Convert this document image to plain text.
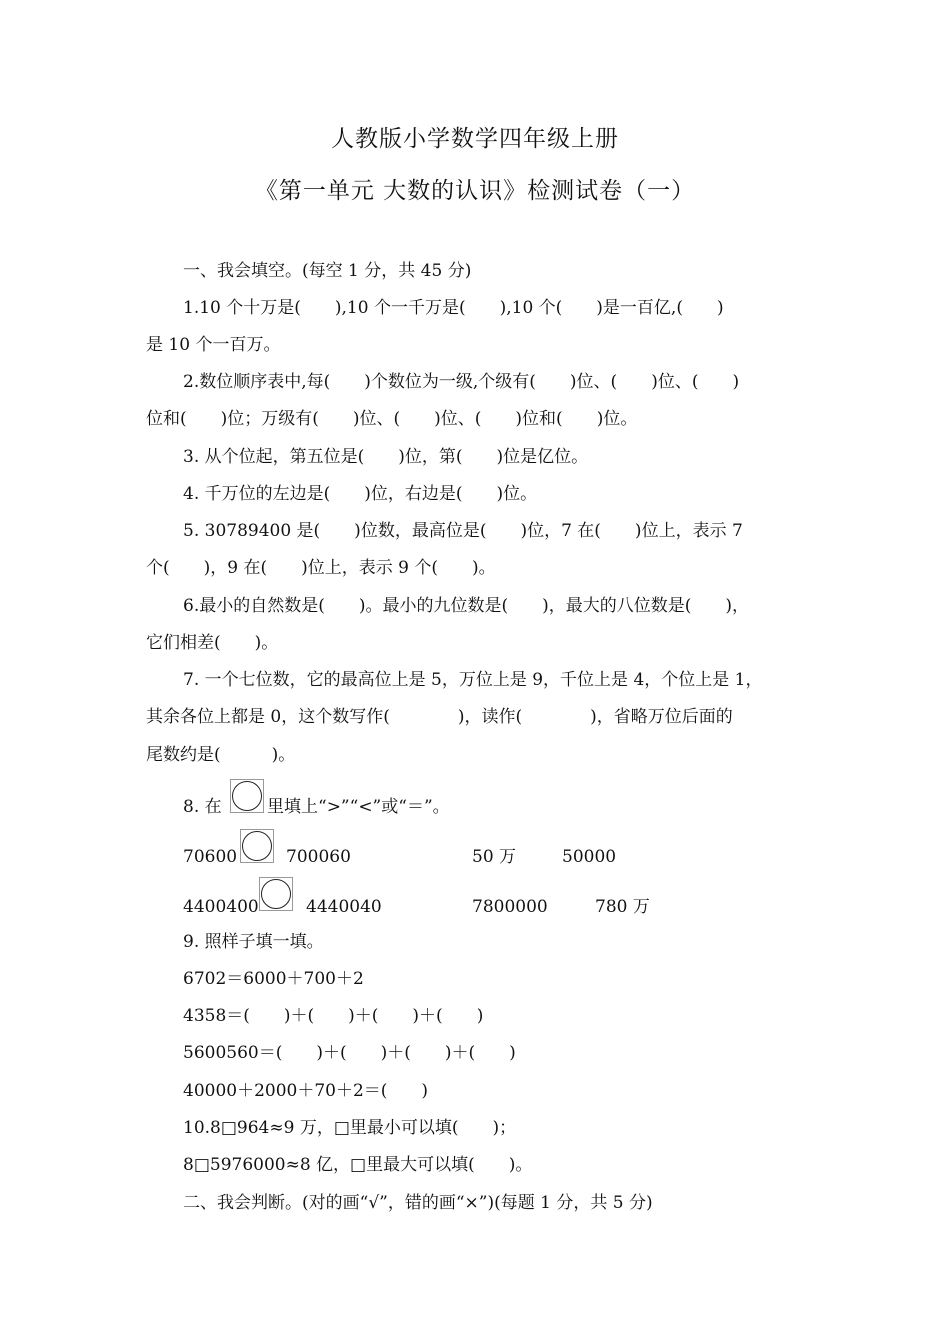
人教版小学数学四年级上册
《第一单元 大数的认识》检测试卷（一）
一、我会填空。(每空 1 分，共 45 分)
1.10 个十万是(　　),10 个一千万是(　　),10 个(　　)是一百亿,(　　)
是 10 个一百万。
2.数位顺序表中,每(　　)个数位为一级,个级有(　　)位、(　　)位、(　　)
位和(　　)位；万级有(　　)位、(　　)位、(　　)位和(　　)位。
3. 从个位起，第五位是(　　)位，第(　　)位是亿位。
4. 千万位的左边是(　　)位，右边是(　　)位。
5. 30789400 是(　　)位数，最高位是(　　)位，7 在(　　)位上，表示 7
个(　　)，9 在(　　)位上，表示 9 个(　　)。
6.最小的自然数是(　　)。最小的九位数是(　　)，最大的八位数是(　　)，
它们相差(　　)。
7. 一个七位数，它的最高位上是 5，万位上是 9，千位上是 4，个位上是 1，
其余各位上都是 0，这个数写作(　　　　)，读作(　　　　)，省略万位后面的
尾数约是(　　　)。
8. 在	里填上“>”“<”或“＝”。
70600	700060	50 万	50000
4400400	4440040	7800000	780 万
9. 照样子填一填。
6702＝6000＋700＋2
4358＝(　　)＋(　　)＋(　　)＋(　　)
5600560＝(　　)＋(　　)＋(　　)＋(　　)
40000＋2000＋70＋2＝(　　)
10.8□964≈9 万，□里最小可以填(　　)；
8□5976000≈8 亿，□里最大可以填(　　)。
二、我会判断。(对的画“√”，错的画“×”)(每题 1 分，共 5 分)
